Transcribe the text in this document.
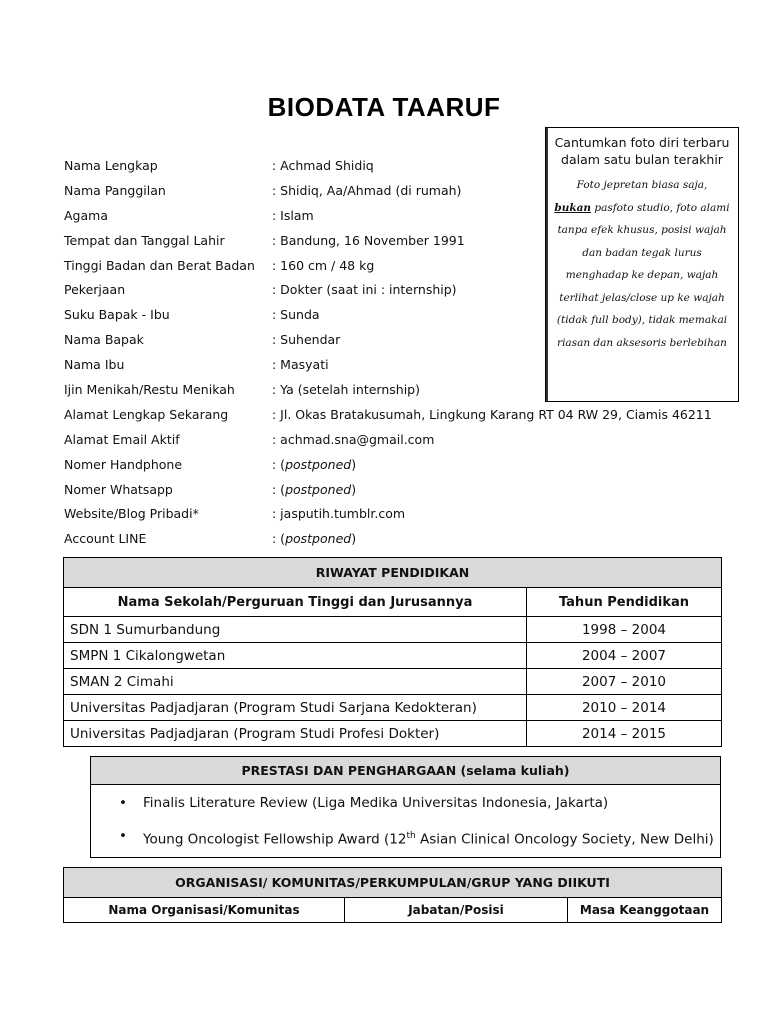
BIODATA TAARUF
Cantumkan foto diri terbaru dalam satu bulan terakhir
Foto jepretan biasa saja,
bukan pasfoto studio, foto alami tanpa efek khusus, posisi wajah dan badan tegak lurus menghadap ke depan, wajah terlihat jelas/close up ke wajah (tidak full body), tidak memakai riasan dan aksesoris berlebihan
Nama Lengkap	: Achmad Shidiq
Nama Panggilan	: Shidiq, Aa/Ahmad (di rumah)
Agama	: Islam
Tempat dan Tanggal Lahir	: Bandung, 16 November 1991
Tinggi Badan dan Berat Badan : 160 cm / 48 kg
Pekerjaan	: Dokter (saat ini : internship)
Suku Bapak - Ibu	: Sunda
Nama Bapak	: Suhendar
Nama Ibu	: Masyati
Ijin Menikah/Restu Menikah	: Ya (setelah internship)
Alamat Lengkap Sekarang	: Jl. Okas Bratakusumah, Lingkung Karang RT 04 RW 29, Ciamis 46211
Alamat Email Aktif	: achmad.sna@gmail.com
Nomer Handphone	: (postponed)
Nomer Whatsapp	: (postponed)
Website/Blog Pribadi*	: jasputih.tumblr.com
Account LINE	: (postponed)
RIWAYAT PENDIDIKAN	
Nama Sekolah/Perguruan Tinggi dan Jurusannya	Tahun Pendidikan
SDN 1 Sumurbandung	1998 – 2004
SMPN 1 Cikalongwetan	2004 – 2007
SMAN 2 Cimahi	2007 – 2010
Universitas Padjadjaran (Program Studi Sarjana Kedokteran)	2010 – 2014
Universitas Padjadjaran (Program Studi Profesi Dokter)	2014 – 2015
PRESTASI DAN PENGHARGAAN (selama kuliah)

• Finalis Literature Review (Liga Medika Universitas Indonesia, Jakarta)
• Young Oncologist Fellowship Award (12th Asian Clinical Oncology Society, New Delhi)
ORGANISASI/ KOMUNITAS/PERKUMPULAN/GRUP YANG DIIKUTI
Nama Organisasi/Komunitas	Jabatan/Posisi	Masa Keanggotaan
